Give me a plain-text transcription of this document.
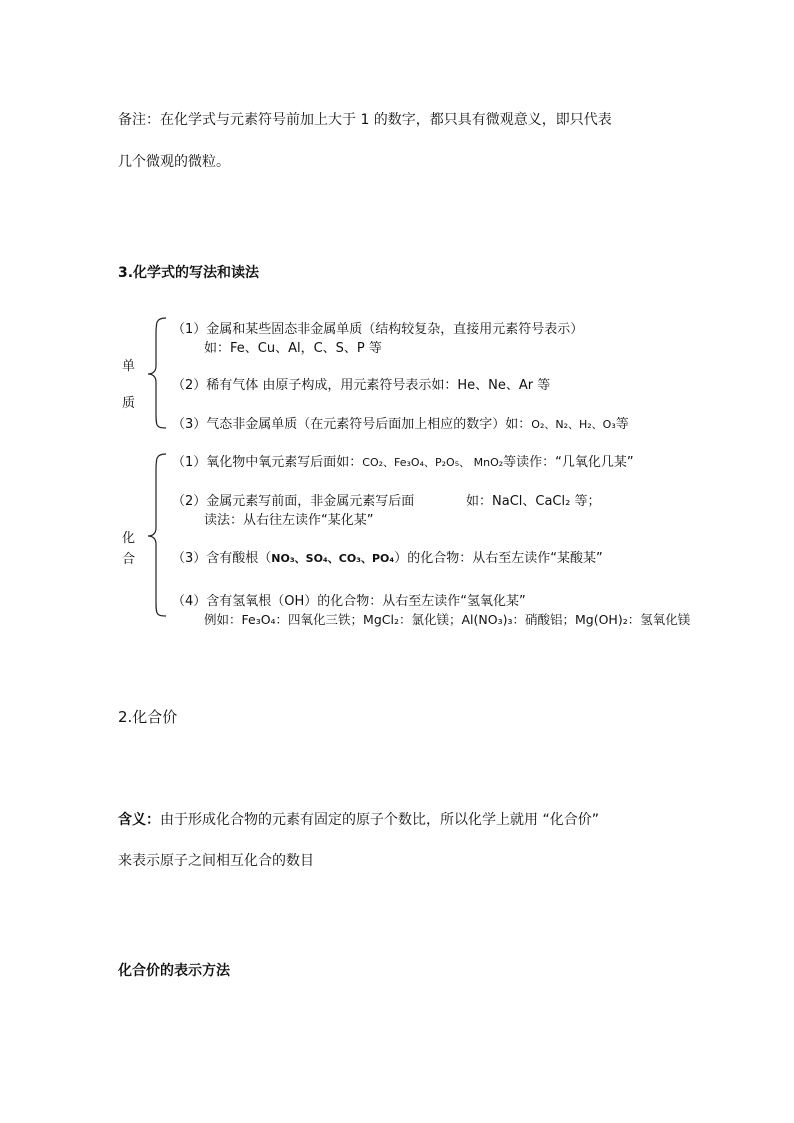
备注：在化学式与元素符号前加上大于 1 的数字，都只具有微观意义，即只代表
几个微观的微粒。
3.化学式的写法和读法
单
质
（1）金属和某些固态非金属单质（结构较复杂，直接用元素符号表示）
如：Fe、Cu、Al，C、S、P 等
（2）稀有气体 由原子构成，用元素符号表示如：He、Ne、Ar 等
（3）气态非金属单质（在元素符号后面加上相应的数字）如：O₂、N₂、H₂、O₃等
化
合
（1）氧化物中氧元素写后面如：CO₂、Fe₃O₄、P₂O₅、 MnO₂等读作：“几氧化几某”
（2）金属元素写前面，非金属元素写后面	如：NaCl、CaCl₂ 等；
读法：从右往左读作“某化某”
（3）含有酸根（NO₃、SO₄、CO₃、PO₄）的化合物：从右至左读作“某酸某”
（4）含有氢氧根（OH）的化合物：从右至左读作“氢氧化某”
例如：Fe₃O₄：四氧化三铁；MgCl₂：氯化镁；Al(NO₃)₃：硝酸铝；Mg(OH)₂：氢氧化镁
2.化合价
含义：由于形成化合物的元素有固定的原子个数比，所以化学上就用 “化合价”
来表示原子之间相互化合的数目
化合价的表示方法
